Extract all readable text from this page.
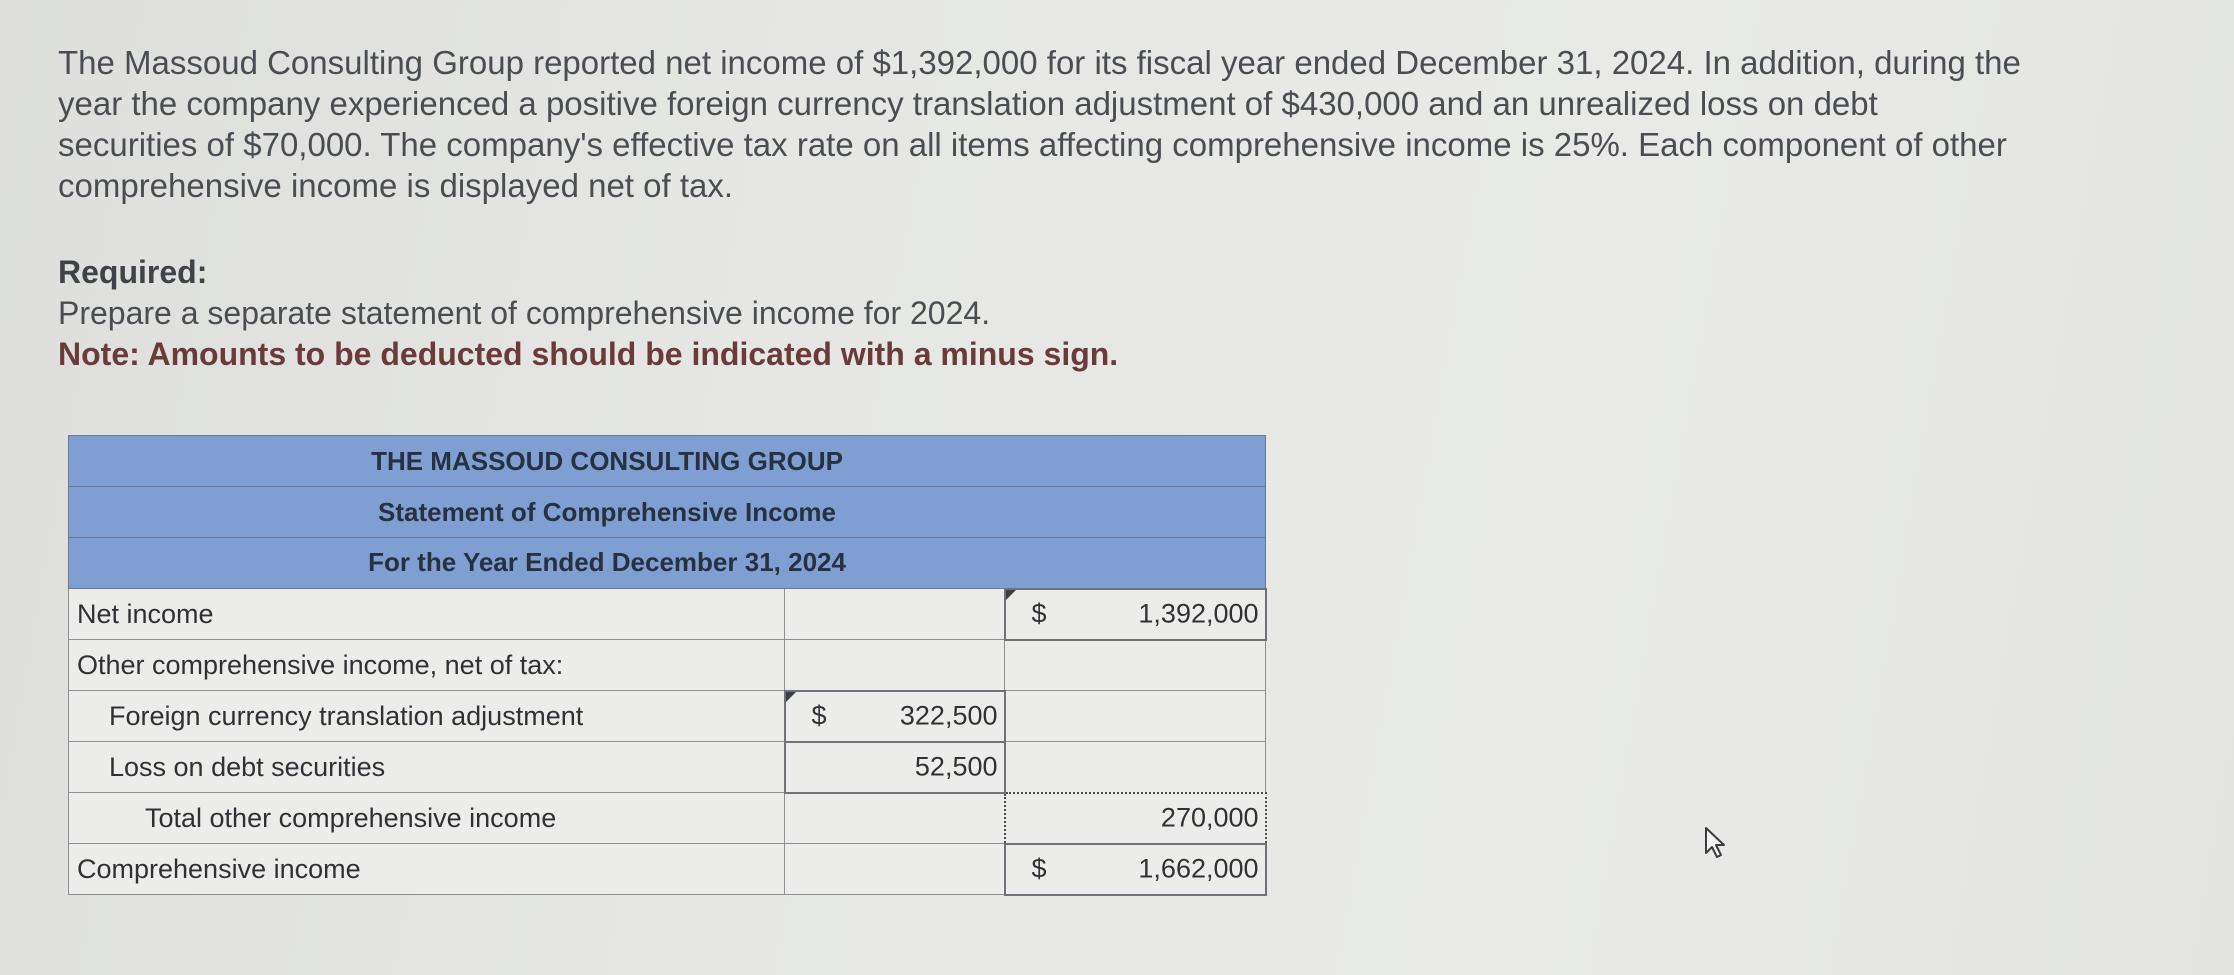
The Massoud Consulting Group reported net income of $1,392,000 for its fiscal year ended December 31, 2024. In addition, during the

year the company experienced a positive foreign currency translation adjustment of $430,000 and an unrealized loss on debt

securities of $70,000. The company's effective tax rate on all items affecting comprehensive income is 25%. Each component of other

comprehensive income is displayed net of tax.

Required:
Prepare a separate statement of comprehensive income for 2024.
Note: Amounts to be deducted should be indicated with a minus sign.
THE MASSOUD CONSULTING GROUP		
Statement of Comprehensive Income		
For the Year Ended December 31, 2024		
Net income		$ 1,392,000

Other comprehensive income, net of tax:		
Foreign currency translation adjustment	$ 322,500	

Loss on debt securities	52,500	

Total other comprehensive income		270,000

Comprehensive income		$ 1,662,000
